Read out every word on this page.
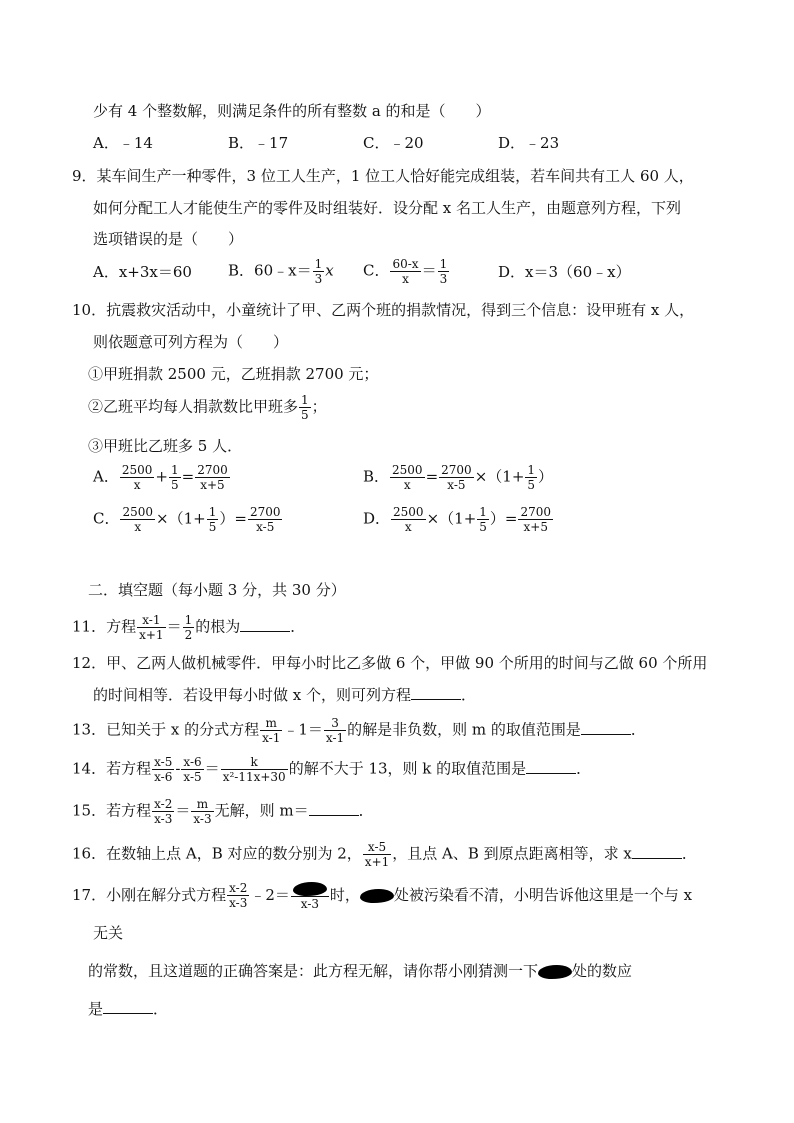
少有 4 个整数解，则满足条件的所有整数 a 的和是（　　）
A．﹣14	B．﹣17	C．﹣20	D．﹣23
9．某车间生产一种零件，3 位工人生产，1 位工人恰好能完成组装，若车间共有工人 60 人，
如何分配工人才能使生产的零件及时组装好．设分配 x 名工人生产，由题意列方程，下列
选项错误的是（　　）
A．x+3x＝60 B．60﹣x＝ $\frac{1}{3}$ x C． $\frac{60-x}{x} = \frac{1}{3}$	D．x＝3（60﹣x）
10．抗震救灾活动中，小童统计了甲、乙两个班的捐款情况，得到三个信息：设甲班有 x 人，
则依题意可列方程为（　　）
①甲班捐款 2500 元，乙班捐款 2700 元；
②乙班平均每人捐款数比甲班多 $\frac{1}{5}$ ；
③甲班比乙班多 5 人．
A． $\frac{2500}{x} + \frac{1}{5} = \frac{2700}{x+5}$	B． $\frac{2500}{x} = \frac{2700}{x-5} \times(1+ \frac{1}{5}$ ）
C． $\frac{2500}{x} \times(1+ \frac{1}{5}$ ）= $\frac{2700}{x-5}$	D． $\frac{2500}{x} \times(1+ \frac{1}{5}$ ）= $\frac{2700}{x+5}$
二．填空题（每小题 3 分，共 30 分）
11．方程 $\frac{x-1}{x+1} = \frac{1}{2}$ 的根为	．
12．甲、乙两人做机械零件．甲每小时比乙多做 6 个，甲做 90 个所用的时间与乙做 60 个所用
的时间相等．若设甲每小时做 x 个，则可列方程	．
13．已知关于 x 的分式方程 $\frac{m}{x-1}$ ﹣1＝ $\frac{3}{x-1}$ 的解是非负数，则 m 的取值范围是	．
14．若方程 $\frac{x-5}{x-6} - \frac{x-6}{x-5} = \frac{k}{\text{x²-11x+30}}$ 的解不大于 13，则 k 的取值范围是	．
15．若方程 $\frac{x-2}{x-3} = \frac{m}{x-3}$ 无解，则 m＝	．
16．在数轴上点 A，B 对应的数分别为 2， $\frac{x-5}{x+1}$ ，且点 A、B 到原点距离相等，求 x	．
17．小刚在解分式方程 $\frac{x-2}{x-3}$ ﹣2＝ x-3 时， 处被污染看不清，小明告诉他这里是一个与 x
无关
的常数，且这道题的正确答案是：此方程无解，请你帮小刚猜测一下 处的数应
是	．
